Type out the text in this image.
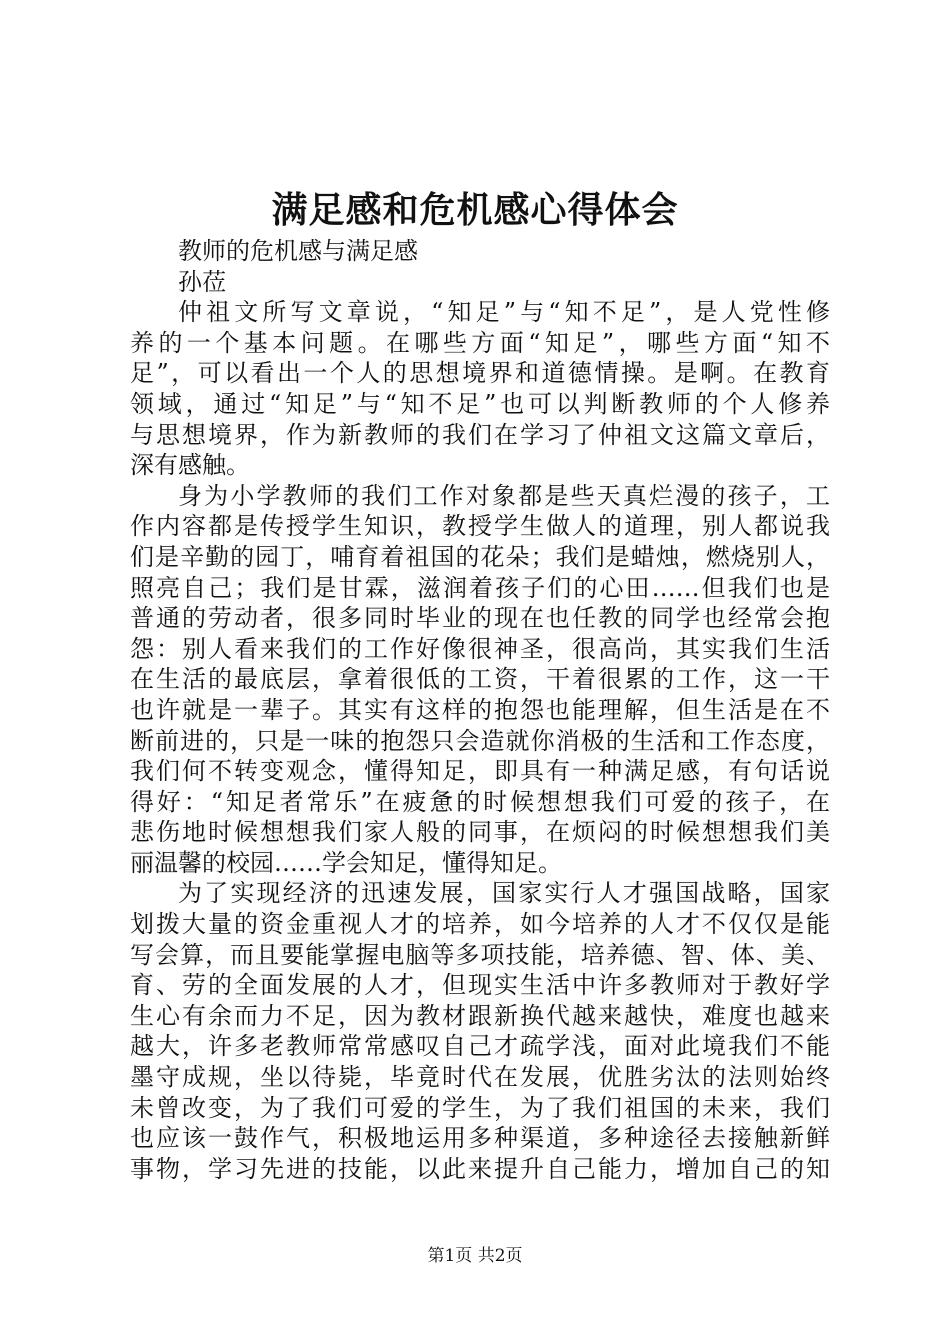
满足感和危机感心得体会
教师的危机感与满足感
孙莅
仲祖文所写文章说，“知足”与“知不足”，是人党性修
养的一个基本问题。在哪些方面“知足”，哪些方面“知不
足”，可以看出一个人的思想境界和道德情操。是啊。在教育
领域，通过“知足”与“知不足”也可以判断教师的个人修养
与思想境界，作为新教师的我们在学习了仲祖文这篇文章后，
深有感触。
身为小学教师的我们工作对象都是些天真烂漫的孩子，工
作内容都是传授学生知识，教授学生做人的道理，别人都说我
们是辛勤的园丁，哺育着祖国的花朵；我们是蜡烛，燃烧别人，
照亮自己；我们是甘霖，滋润着孩子们的心田……但我们也是
普通的劳动者，很多同时毕业的现在也任教的同学也经常会抱
怨：别人看来我们的工作好像很神圣，很高尚，其实我们生活
在生活的最底层，拿着很低的工资，干着很累的工作，这一干
也许就是一辈子。其实有这样的抱怨也能理解，但生活是在不
断前进的，只是一味的抱怨只会造就你消极的生活和工作态度，
我们何不转变观念，懂得知足，即具有一种满足感，有句话说
得好：“知足者常乐”在疲惫的时候想想我们可爱的孩子，在
悲伤地时候想想我们家人般的同事，在烦闷的时候想想我们美
丽温馨的校园……学会知足，懂得知足。
为了实现经济的迅速发展，国家实行人才强国战略，国家
划拨大量的资金重视人才的培养，如今培养的人才不仅仅是能
写会算，而且要能掌握电脑等多项技能，培养德、智、体、美、
育、劳的全面发展的人才，但现实生活中许多教师对于教好学
生心有余而力不足，因为教材跟新换代越来越快，难度也越来
越大，许多老教师常常感叹自己才疏学浅，面对此境我们不能
墨守成规，坐以待毙，毕竟时代在发展，优胜劣汰的法则始终
未曾改变，为了我们可爱的学生，为了我们祖国的未来，我们
也应该一鼓作气，积极地运用多种渠道，多种途径去接触新鲜
事物，学习先进的技能，以此来提升自己能力，增加自己的知
第1页 共2页
